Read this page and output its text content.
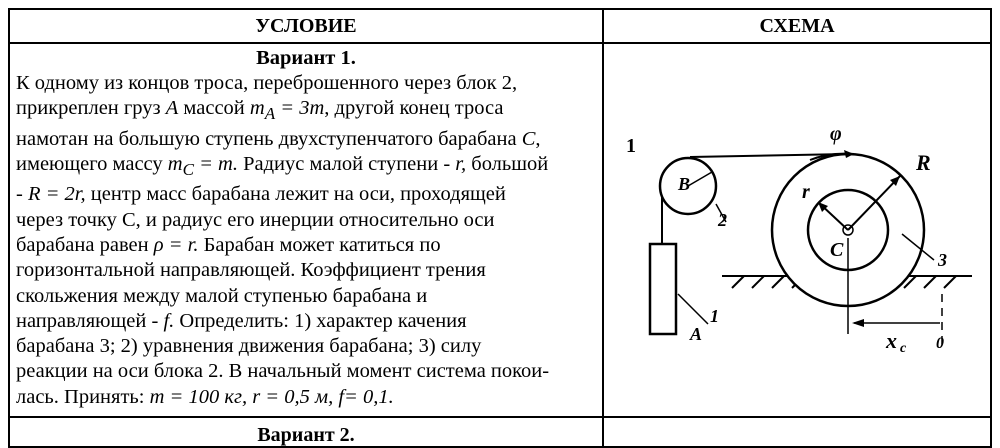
УСЛОВИЕ	СХЕМА
Вариант 1.
К одному из концов троса, переброшенного через блок 2,
прикреплен груз A массой $m_A = 3m$, другой конец троса
намотан на большую ступень двухступенчатого барабана C,
имеющего массу $m_C = m$. Радиус малой ступени - r, большой
- R = 2r, центр масс барабана лежит на оси, проходящей
через точку С, и радиус его инерции относительно оси
барабана равен ρ = r. Барабан может катиться по
горизонтальной направляющей. Коэффициент трения
скольжения между малой ступенью барабана и
направляющей - f. Определить: 1) характер качения
барабана 3; 2) уравнения движения барабана; 3) силу
реакции на оси блока 2. В начальный момент система покои-
лась. Принять: m = 100 кг, r = 0,5 м, f= 0,1.
1
B
φ
R
r
C
2
3
1
A	x c 0
Вариант 2.
